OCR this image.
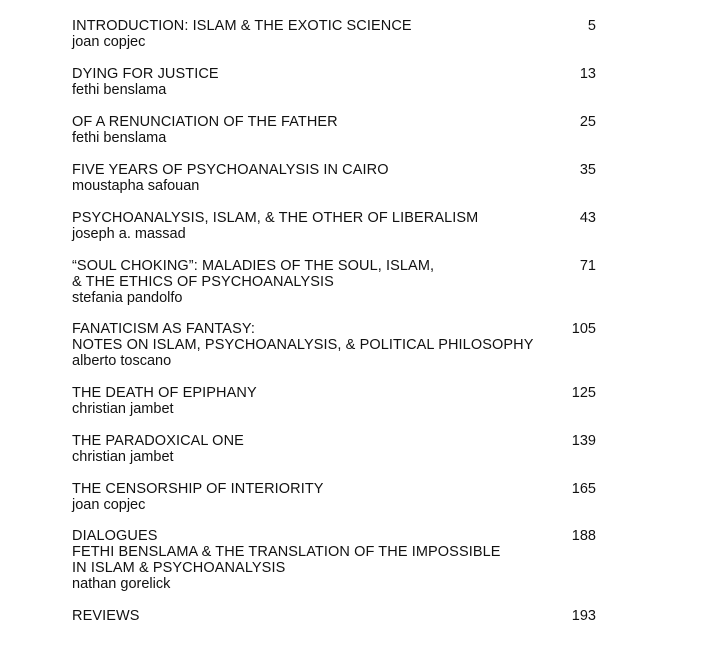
INTRODUCTION: ISLAM & THE EXOTIC SCIENCE
joan copjec
5
DYING FOR JUSTICE
fethi benslama
13
OF A RENUNCIATION OF THE FATHER
fethi benslama
25
FIVE YEARS OF PSYCHOANALYSIS IN CAIRO
moustapha safouan
35
PSYCHOANALYSIS, ISLAM, & THE OTHER OF LIBERALISM
joseph a. massad
43
“SOUL CHOKING”: MALADIES OF THE SOUL, ISLAM,
& THE ETHICS OF PSYCHOANALYSIS
stefania pandolfo
71
FANATICISM AS FANTASY:
NOTES ON ISLAM, PSYCHOANALYSIS, & POLITICAL PHILOSOPHY
alberto toscano
105
THE DEATH OF EPIPHANY
christian jambet
125
THE PARADOXICAL ONE
christian jambet
139
THE CENSORSHIP OF INTERIORITY
joan copjec
165
DIALOGUES
FETHI BENSLAMA & THE TRANSLATION OF THE IMPOSSIBLE
IN ISLAM & PSYCHOANALYSIS
nathan gorelick
188
REVIEWS	193
